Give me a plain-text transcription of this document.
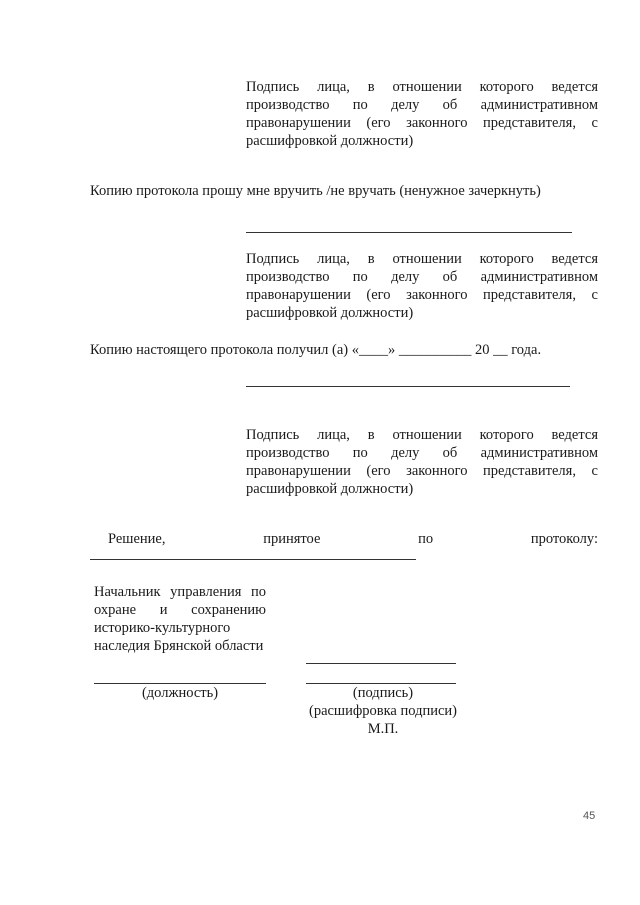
Подпись лица, в отношении которого ведется производство по делу об административном правонарушении (его законного представителя, с расшифровкой должности)
Копию протокола прошу мне вручить /не вручать (ненужное зачеркнуть)
Подпись лица, в отношении которого ведется производство по делу об административном правонарушении (его законного представителя, с расшифровкой должности)
Копию настоящего протокола получил (а) «____» __________ 20 __ года.
Подпись лица, в отношении которого ведется производство по делу об административном правонарушении (его законного представителя, с расшифровкой должности)
Решение,	принятое	по	протоколу:
Начальник управления по охране и сохранению историко-культурного наследия Брянской области
(должность)	(подпись)
(расшифровка подписи)
М.П.
45
